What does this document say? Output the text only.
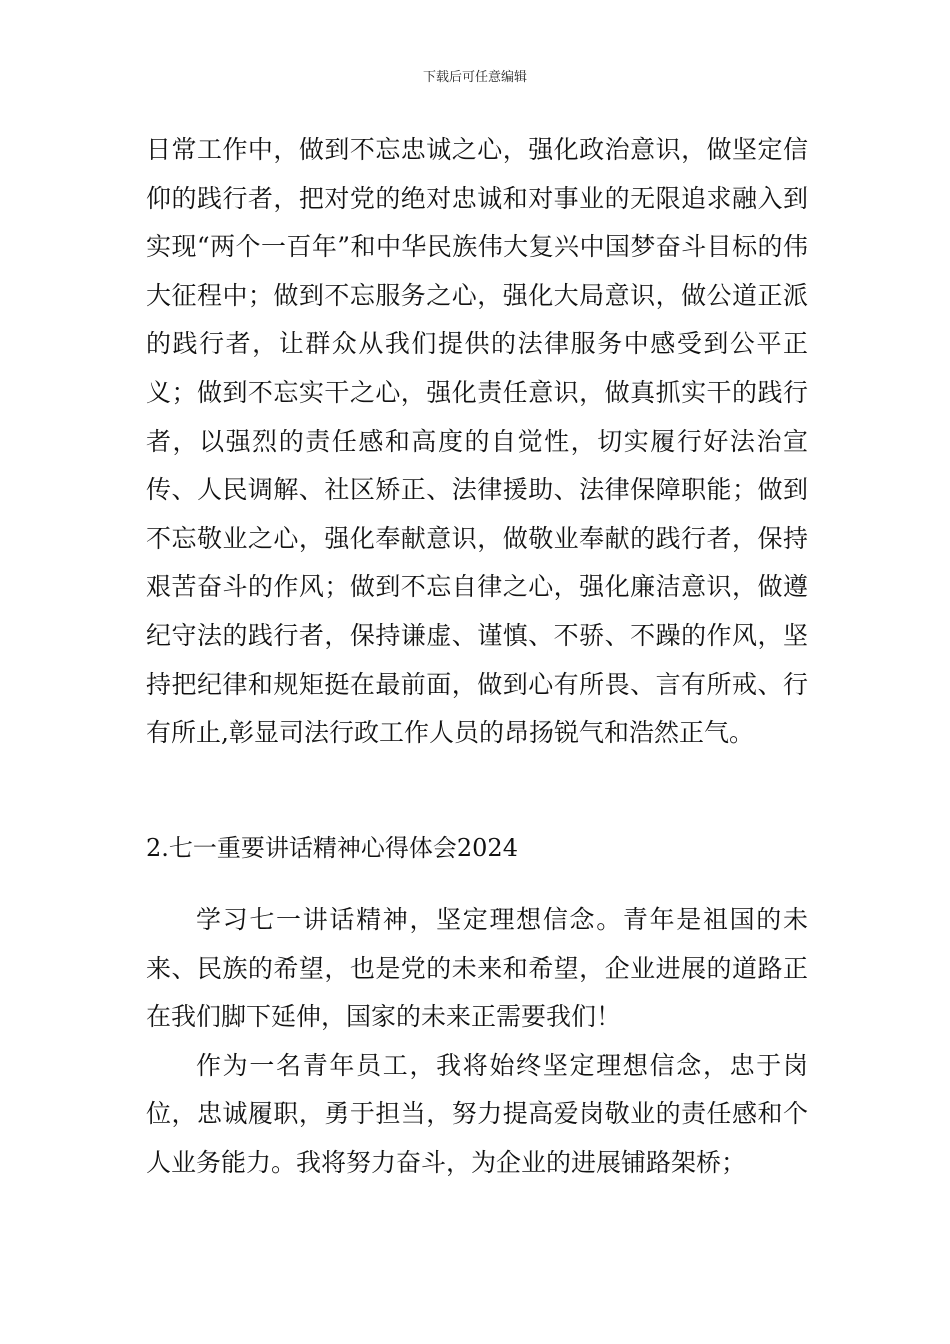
下载后可任意编辑

日常工作中，做到不忘忠诚之心，强化政治意识，做坚定信仰的践行者，把对党的绝对忠诚和对事业的无限追求融入到实现“两个一百年”和中华民族伟大复兴中国梦奋斗目标的伟大征程中；做到不忘服务之心，强化大局意识，做公道正派的践行者，让群众从我们提供的法律服务中感受到公平正义；做到不忘实干之心，强化责任意识，做真抓实干的践行者，以强烈的责任感和高度的自觉性，切实履行好法治宣传、人民调解、社区矫正、法律援助、法律保障职能；做到不忘敬业之心，强化奉献意识，做敬业奉献的践行者，保持艰苦奋斗的作风；做到不忘自律之心，强化廉洁意识，做遵纪守法的践行者，保持谦虚、谨慎、不骄、不躁的作风，坚持把纪律和规矩挺在最前面，做到心有所畏、言有所戒、行有所止,彰显司法行政工作人员的昂扬锐气和浩然正气。

2.七一重要讲话精神心得体会2024

学习七一讲话精神，坚定理想信念。青年是祖国的未来、民族的希望，也是党的未来和希望，企业进展的道路正在我们脚下延伸，国家的未来正需要我们！

作为一名青年员工，我将始终坚定理想信念，忠于岗位，忠诚履职，勇于担当，努力提高爱岗敬业的责任感和个人业务能力。我将努力奋斗，为企业的进展铺路架桥；
